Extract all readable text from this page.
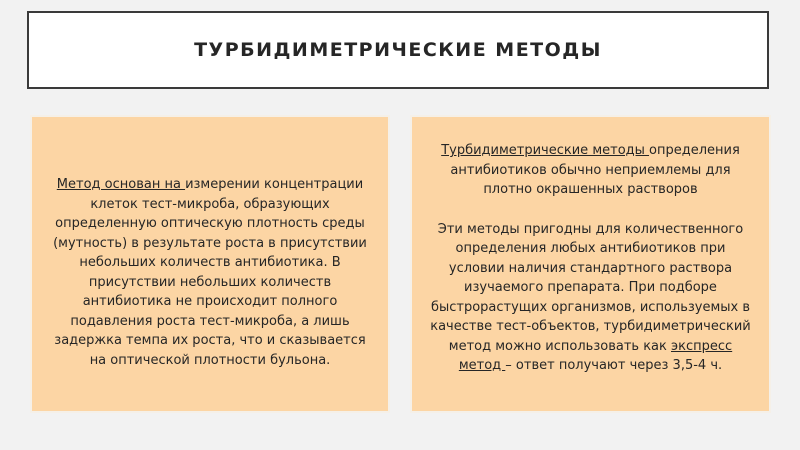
ТУРБИДИМЕТРИЧЕСКИЕ МЕТОДЫ

Метод основан на измерении концентрации клеток тест-микроба, образующих определенную оптическую плотность среды (мутность) в результате роста в присутствии небольших количеств антибиотика. В присутствии небольших количеств антибиотика не происходит полного подавления роста тест-микроба, а лишь задержка темпа их роста, что и сказывается на оптической плотности бульона.

Турбидиметрические методы определения антибиотиков обычно неприемлемы для плотно окрашенных растворов

Эти методы пригодны для количественного определения любых антибиотиков при условии наличия стандартного раствора изучаемого препарата. При подборе быстрорастущих организмов, используемых в качестве тест-объектов, турбидиметрический метод можно использовать как экспресс метод – ответ получают через 3,5-4 ч.
